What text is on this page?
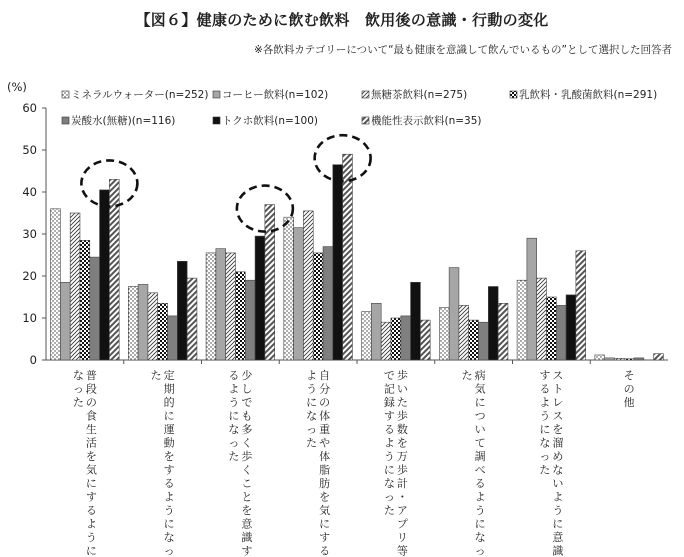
【図６】健康のために飲む飲料　飲用後の意識・行動の変化
※各飲料カテゴリーについて“最も健康を意識して飲んでいるもの”として選択した回答者
(%)
ミネラルウォーター(n=252) コーヒー飲料(n=102)	無糖茶飲料(n=275)	乳飲料・乳酸菌飲料(n=291)
炭酸水(無糖)(n=116)	トクホ飲料(n=100)	機能性表示飲料(n=35)
0
10
20
30
40
50
60
普
段
の
食
生
活
を
気
に
す
る
よ
う
に
な
っ
た
定
期
的
に
運
動
を
す
る
よ
う
に
な
っ
た	少
し
で
も
多
く
歩
く
こ
と
を
意
識
す
る
よ
う
に
な
っ
た
自
分
の
体
重
や
体
脂
肪
を
気
に
す
る
よ
う
に
な
っ
た
歩
い
た
歩
数
を
万
歩
計
・
ア
プ
リ
等
で
記
録
す
る
よ
う
に
な
っ
た
病
気
に
つ
い
て
調
べ
る
よ
う
に
な
っ
た	ス
ト
レ
ス
を
溜
め
な
い
よ
う
に
意
識
す
る
よ
う
に
な
っ
た
そ
の
他
